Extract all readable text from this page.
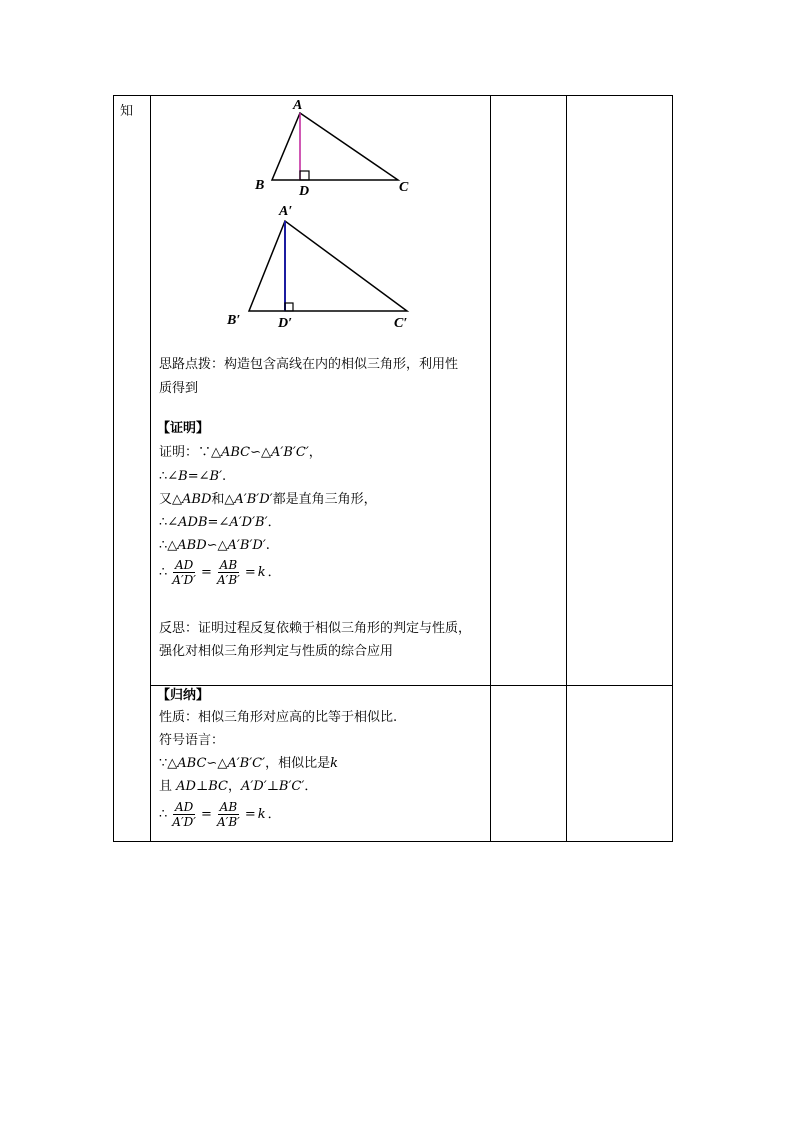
知	A
B D	C
A′
B′	D′	C′
思路点拨：构造包含高线在内的相似三角形，利用性
质得到
【证明】
证明：∵△ABC∽△A′B′C′，
∴∠B=∠B′.
又△ABD和△A′B′D′都是直角三角形，
∴∠ADB=∠A′D′B′．
∴△ABD∽△A′B′D′.
∴ $\frac{AD}{A'D'} = \frac{AB}{A'B'} = k$ ．
反思：证明过程反复依赖于相似三角形的判定与性质，
强化对相似三角形判定与性质的综合应用
【归纳】
性质：相似三角形对应高的比等于相似比.
符号语言：
∵△ABC∽△A′B′C′，相似比是k
且 AD⊥BC，A′D′⊥B′C′．
∴ $\frac{AD}{A'D'} = \frac{AB}{A'B'} = k$ ．
